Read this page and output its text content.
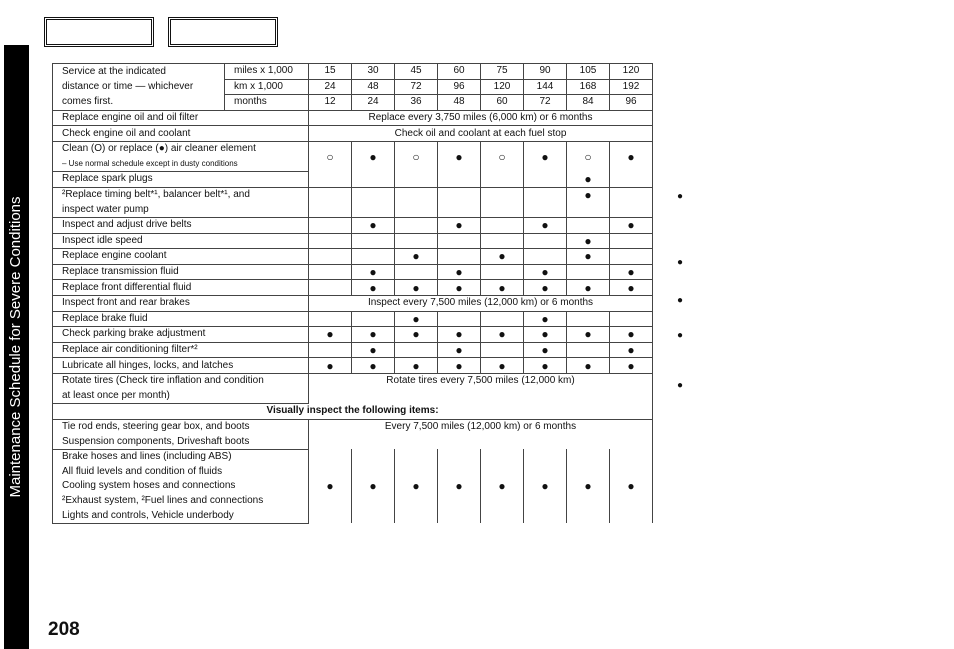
Maintenance Schedule for Severe Conditions
208
●
●
●
●
●
Service at the indicated	miles x 1,000	15	30	45	60	75	90	105	120
distance or time — whichever	km x 1,000	24	48	72	96	120	144	168	192
comes first.	months	12	24	36	48	60	72	84	96
Replace engine oil and oil filter		Replace every 3,750 miles (6,000 km) or 6 months							
Check engine oil and coolant		Check oil and coolant at each fuel stop							
Clean (O) or replace (●) air cleaner element		○	●	○	●	○	●	○	●
– Use normal schedule except in dusty conditions									
Replace spark plugs								●	
²Replace timing belt*¹, balancer belt*¹, and								●	
inspect water pump									
Inspect and adjust drive belts			●		●		●		●
Inspect idle speed								●	
Replace engine coolant				●		●		●	
Replace transmission fluid			●		●		●		●
Replace front differential fluid			●	●	●	●	●	●	●
Inspect front and rear brakes		Inspect every 7,500 miles (12,000 km) or 6 months							
Replace brake fluid				●			●		
Check parking brake adjustment		●	●	●	●	●	●	●	●
Replace air conditioning filter*²			●		●		●		●
Lubricate all hinges, locks, and latches		●	●	●	●	●	●	●	●
Rotate tires (Check tire inflation and condition		Rotate tires every 7,500 miles (12,000 km)							
at least once per month)									
Visually inspect the following items:									
Tie rod ends, steering gear box, and boots		Every 7,500 miles (12,000 km) or 6 months							
Suspension components, Driveshaft boots									
Brake hoses and lines (including ABS)		●	●	●	●	●	●	●	●
All fluid levels and condition of fluids									
Cooling system hoses and connections									
²Exhaust system, ²Fuel lines and connections									
Lights and controls, Vehicle underbody									
